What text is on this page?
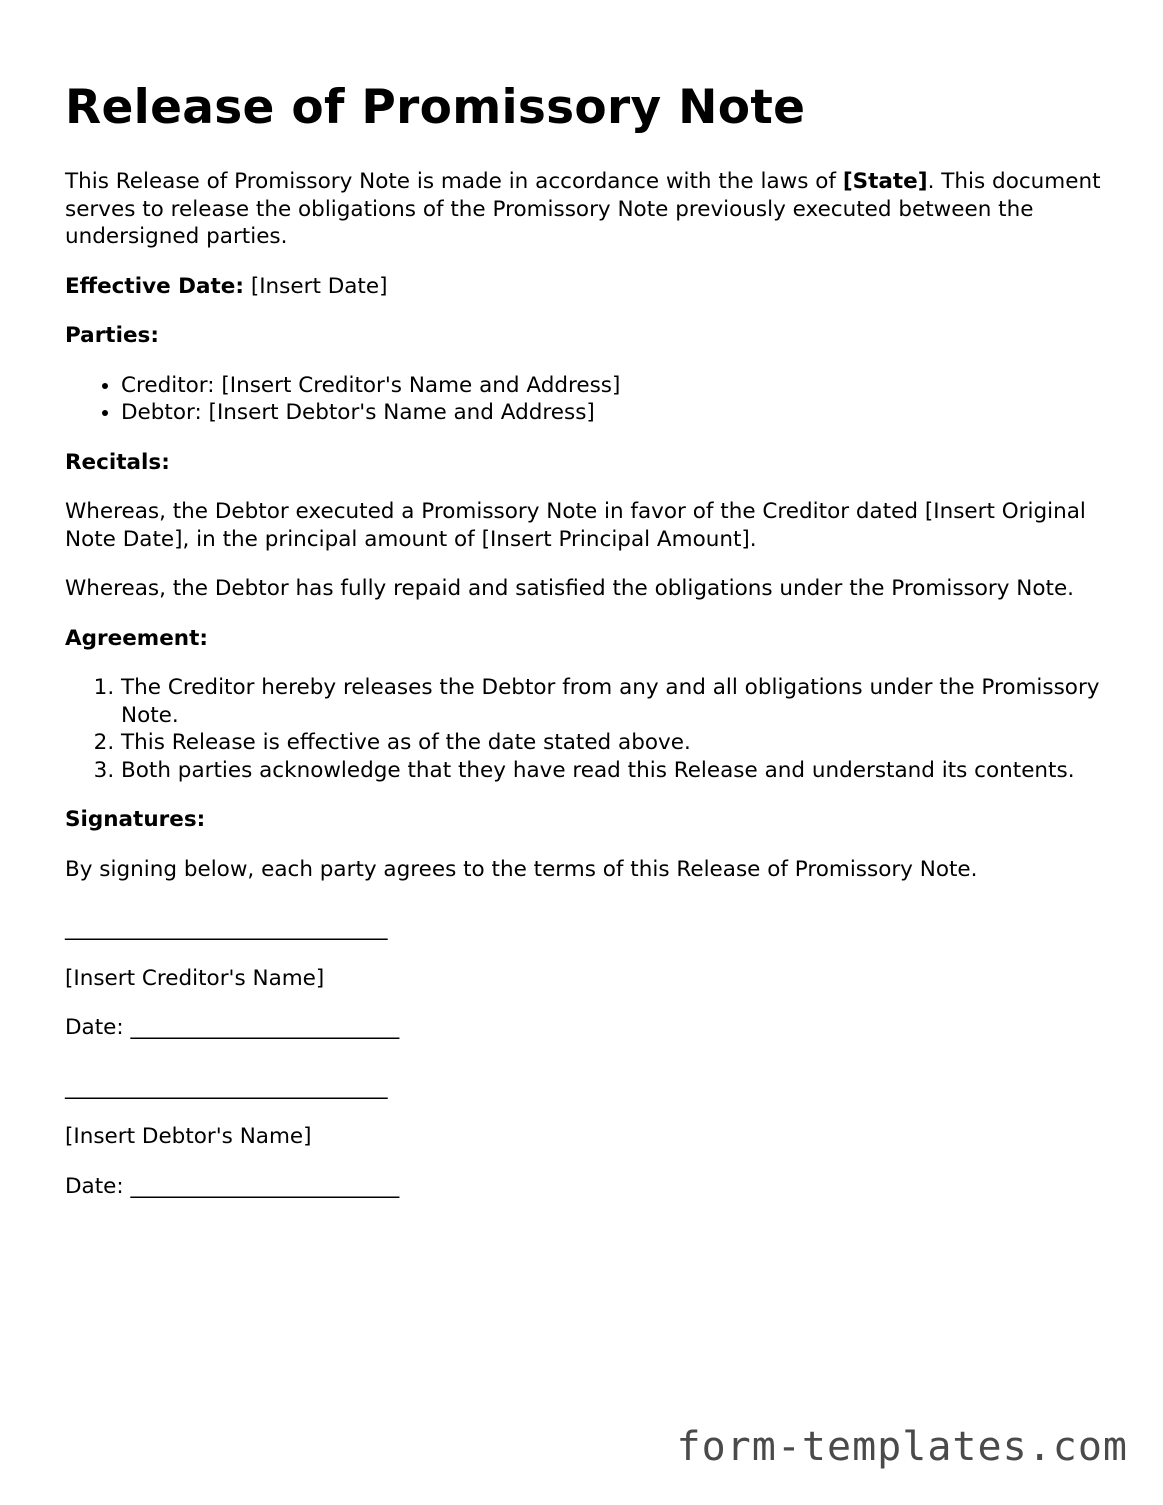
Release of Promissory Note

This Release of Promissory Note is made in accordance with the laws of [State]. This document serves to release the obligations of the Promissory Note previously executed between the undersigned parties.

Effective Date: [Insert Date]

Parties:

• Creditor: [Insert Creditor's Name and Address]
• Debtor: [Insert Debtor's Name and Address]

Recitals:

Whereas, the Debtor executed a Promissory Note in favor of the Creditor dated [Insert Original Note Date], in the principal amount of [Insert Principal Amount].

Whereas, the Debtor has fully repaid and satisfied the obligations under the Promissory Note.

Agreement:

1. The Creditor hereby releases the Debtor from any and all obligations under the Promissory Note.
2. This Release is effective as of the date stated above.
3. Both parties acknowledge that they have read this Release and understand its contents.

Signatures:

By signing below, each party agrees to the terms of this Release of Promissory Note.

______________________________

[Insert Creditor's Name]

Date: _________________________

______________________________

[Insert Debtor's Name]

Date: _________________________

form-templates.com
